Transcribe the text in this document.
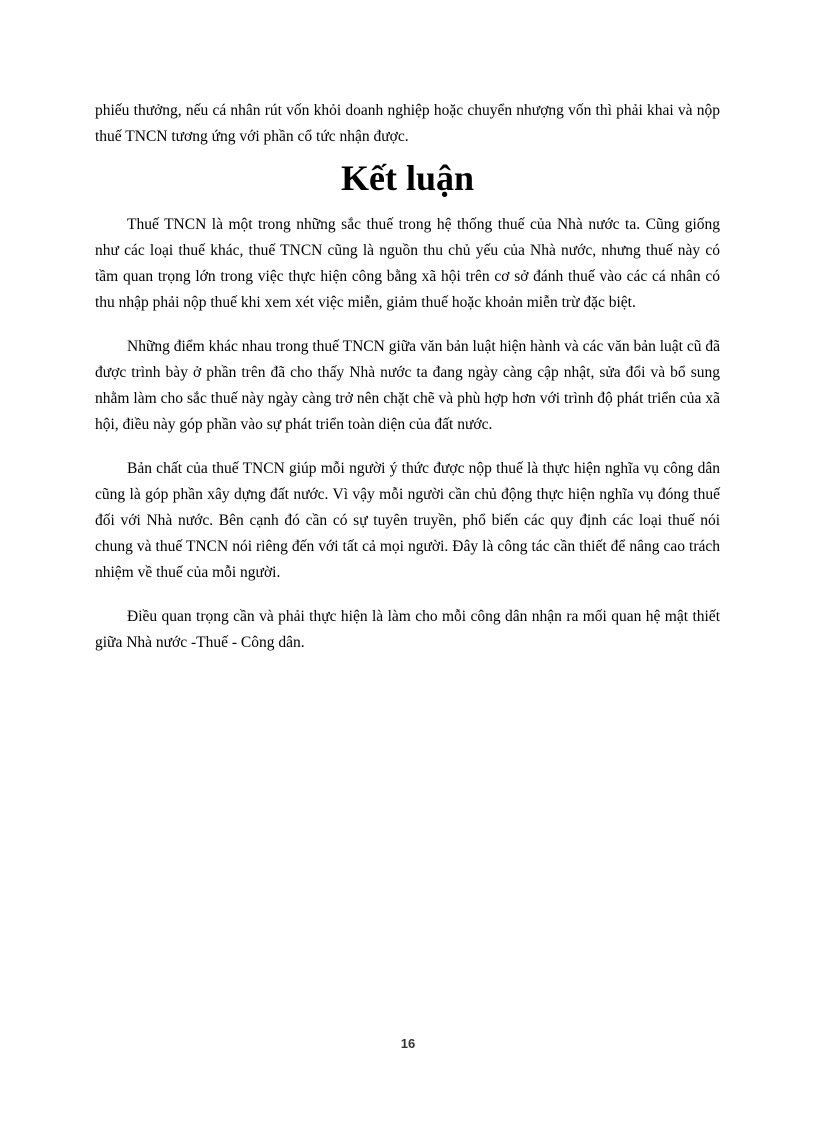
phiếu thưởng, nếu cá nhân rút vốn khỏi doanh nghiệp hoặc chuyển nhượng vốn thì phải khai và nộp thuế TNCN tương ứng với phần cổ tức nhận được.

Kết luận

Thuế TNCN là một trong những sắc thuế trong hệ thống thuế của Nhà nước ta. Cũng giống như các loại thuế khác, thuế TNCN cũng là nguồn thu chủ yếu của Nhà nước, nhưng thuế này có tầm quan trọng lớn trong việc thực hiện công bằng xã hội trên cơ sở đánh thuế vào các cá nhân có thu nhập phải nộp thuế khi xem xét việc miễn, giảm thuế hoặc khoản miễn trừ đặc biệt.

Những điểm khác nhau trong thuế TNCN giữa văn bản luật hiện hành và các văn bản luật cũ đã được trình bày ở phần trên đã cho thấy Nhà nước ta đang ngày càng cập nhật, sửa đổi và bổ sung nhằm làm cho sắc thuế này ngày càng trở nên chặt chẽ và phù hợp hơn với trình độ phát triển của xã hội, điều này góp phần vào sự phát triển toàn diện của đất nước.

Bản chất của thuế TNCN giúp mỗi người ý thức được nộp thuế là thực hiện nghĩa vụ công dân cũng là góp phần xây dựng đất nước. Vì vậy mỗi người cần chủ động thực hiện nghĩa vụ đóng thuế đối với Nhà nước. Bên cạnh đó cần có sự tuyên truyền, phổ biến các quy định các loại thuế nói chung và thuế TNCN nói riêng đến với tất cả mọi người. Đây là công tác cần thiết để nâng cao trách nhiệm về thuế của mỗi người.

Điều quan trọng cần và phải thực hiện là làm cho mỗi công dân nhận ra mối quan hệ mật thiết giữa Nhà nước -Thuế - Công dân.

16
